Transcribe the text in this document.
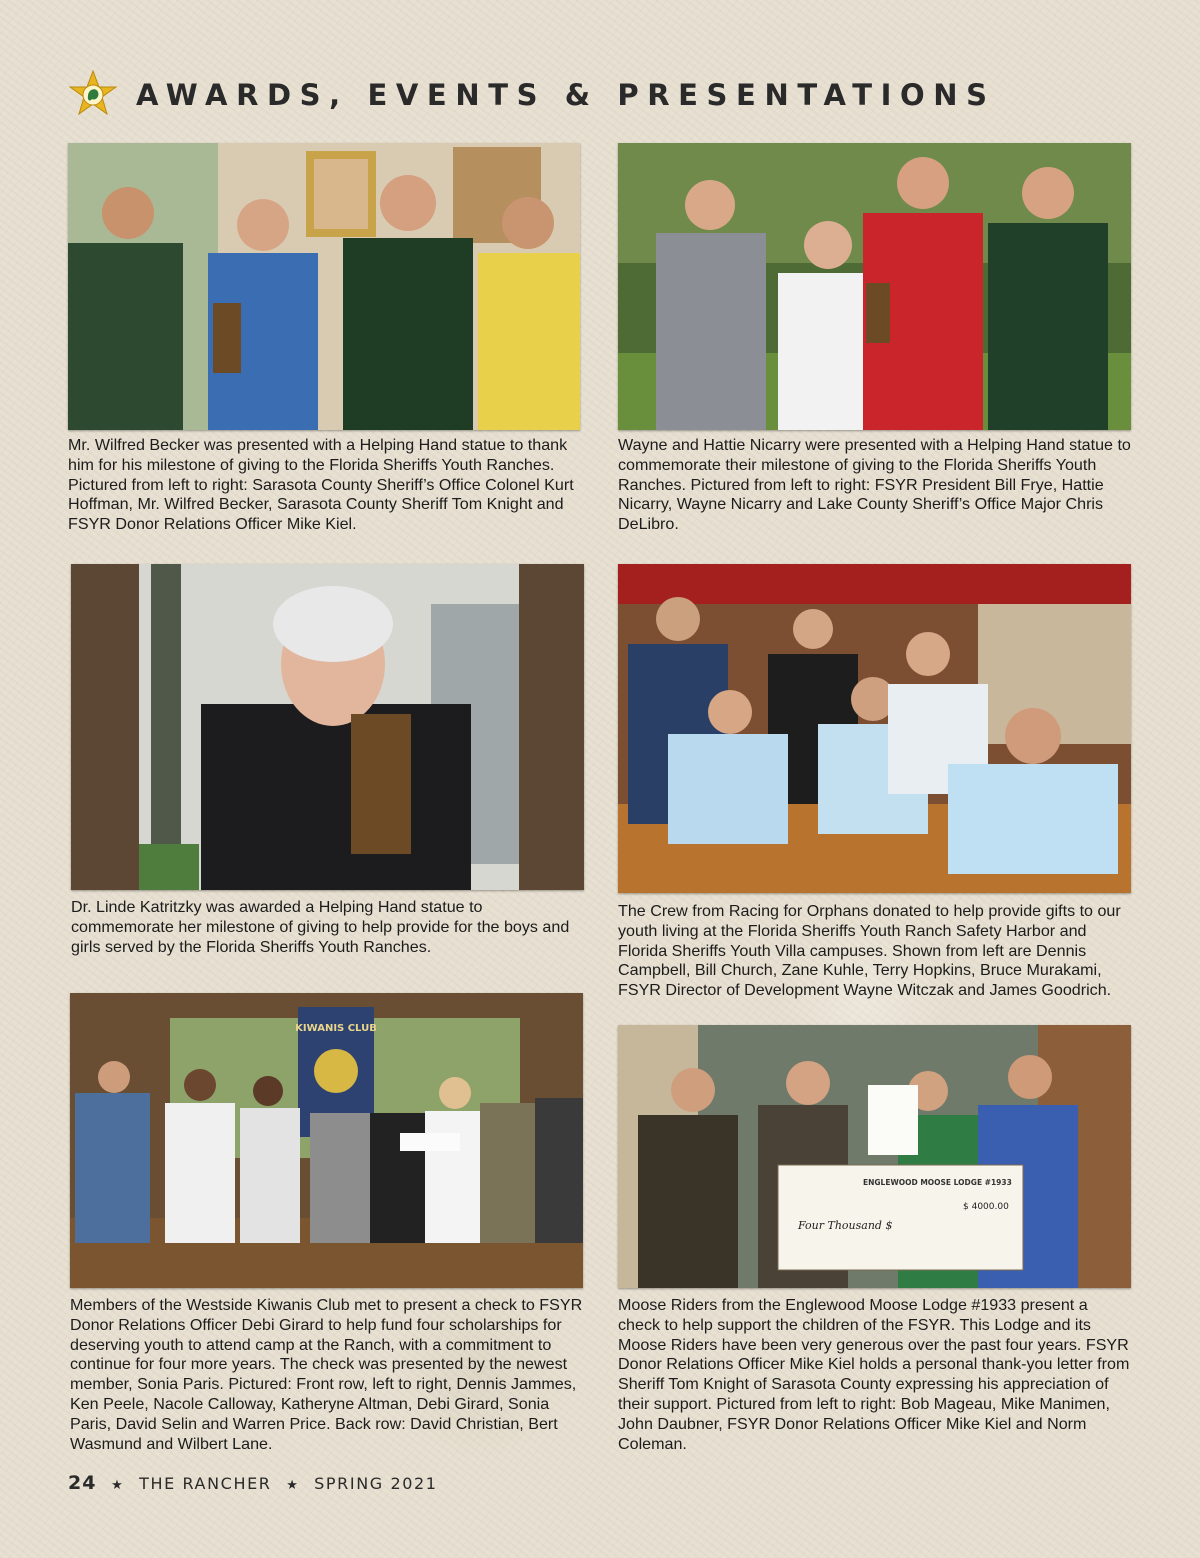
AWARDS, EVENTS & PRESENTATIONS

Mr. Wilfred Becker was presented with a Helping Hand statue to thank him for his milestone of giving to the Florida Sheriffs Youth Ranches. Pictured from left to right: Sarasota County Sheriff’s Office Colonel Kurt Hoffman, Mr. Wilfred Becker, Sarasota County Sheriff Tom Knight and FSYR Donor Relations Officer Mike Kiel.

Wayne and Hattie Nicarry were presented with a Helping Hand statue to commemorate their milestone of giving to the Florida Sheriffs Youth Ranches. Pictured from left to right: FSYR President Bill Frye, Hattie Nicarry, Wayne Nicarry and Lake County Sheriff’s Office Major Chris DeLibro.

Dr. Linde Katritzky was awarded a Helping Hand statue to commemorate her milestone of giving to help provide for the boys and girls served by the Florida Sheriffs Youth Ranches.

The Crew from Racing for Orphans donated to help provide gifts to our youth living at the Florida Sheriffs Youth Ranch Safety Harbor and Florida Sheriffs Youth Villa campuses. Shown from left are Dennis Campbell, Bill Church, Zane Kuhle, Terry Hopkins, Bruce Murakami, FSYR Director of Development Wayne Witczak and James Goodrich.

KIWANIS CLUB

Members of the Westside Kiwanis Club met to present a check to FSYR Donor Relations Officer Debi Girard to help fund four scholarships for deserving youth to attend camp at the Ranch, with a commitment to continue for four more years. The check was presented by the newest member, Sonia Paris. Pictured: Front row, left to right, Dennis Jammes, Ken Peele, Nacole Calloway, Katheryne Altman, Debi Girard, Sonia Paris, David Selin and Warren Price. Back row: David Christian, Bert Wasmund and Wilbert Lane.

ENGLEWOOD MOOSE LODGE #1933
$ 4000.00
Four Thousand $

Moose Riders from the Englewood Moose Lodge #1933 present a check to help support the children of the FSYR. This Lodge and its Moose Riders have been very generous over the past four years. FSYR Donor Relations Officer Mike Kiel holds a personal thank-you letter from Sheriff Tom Knight of Sarasota County expressing his appreciation of their support. Pictured from left to right: Bob Mageau, Mike Manimen, John Daubner, FSYR Donor Relations Officer Mike Kiel and Norm Coleman.

24 ★ THE RANCHER ★ SPRING 2021
